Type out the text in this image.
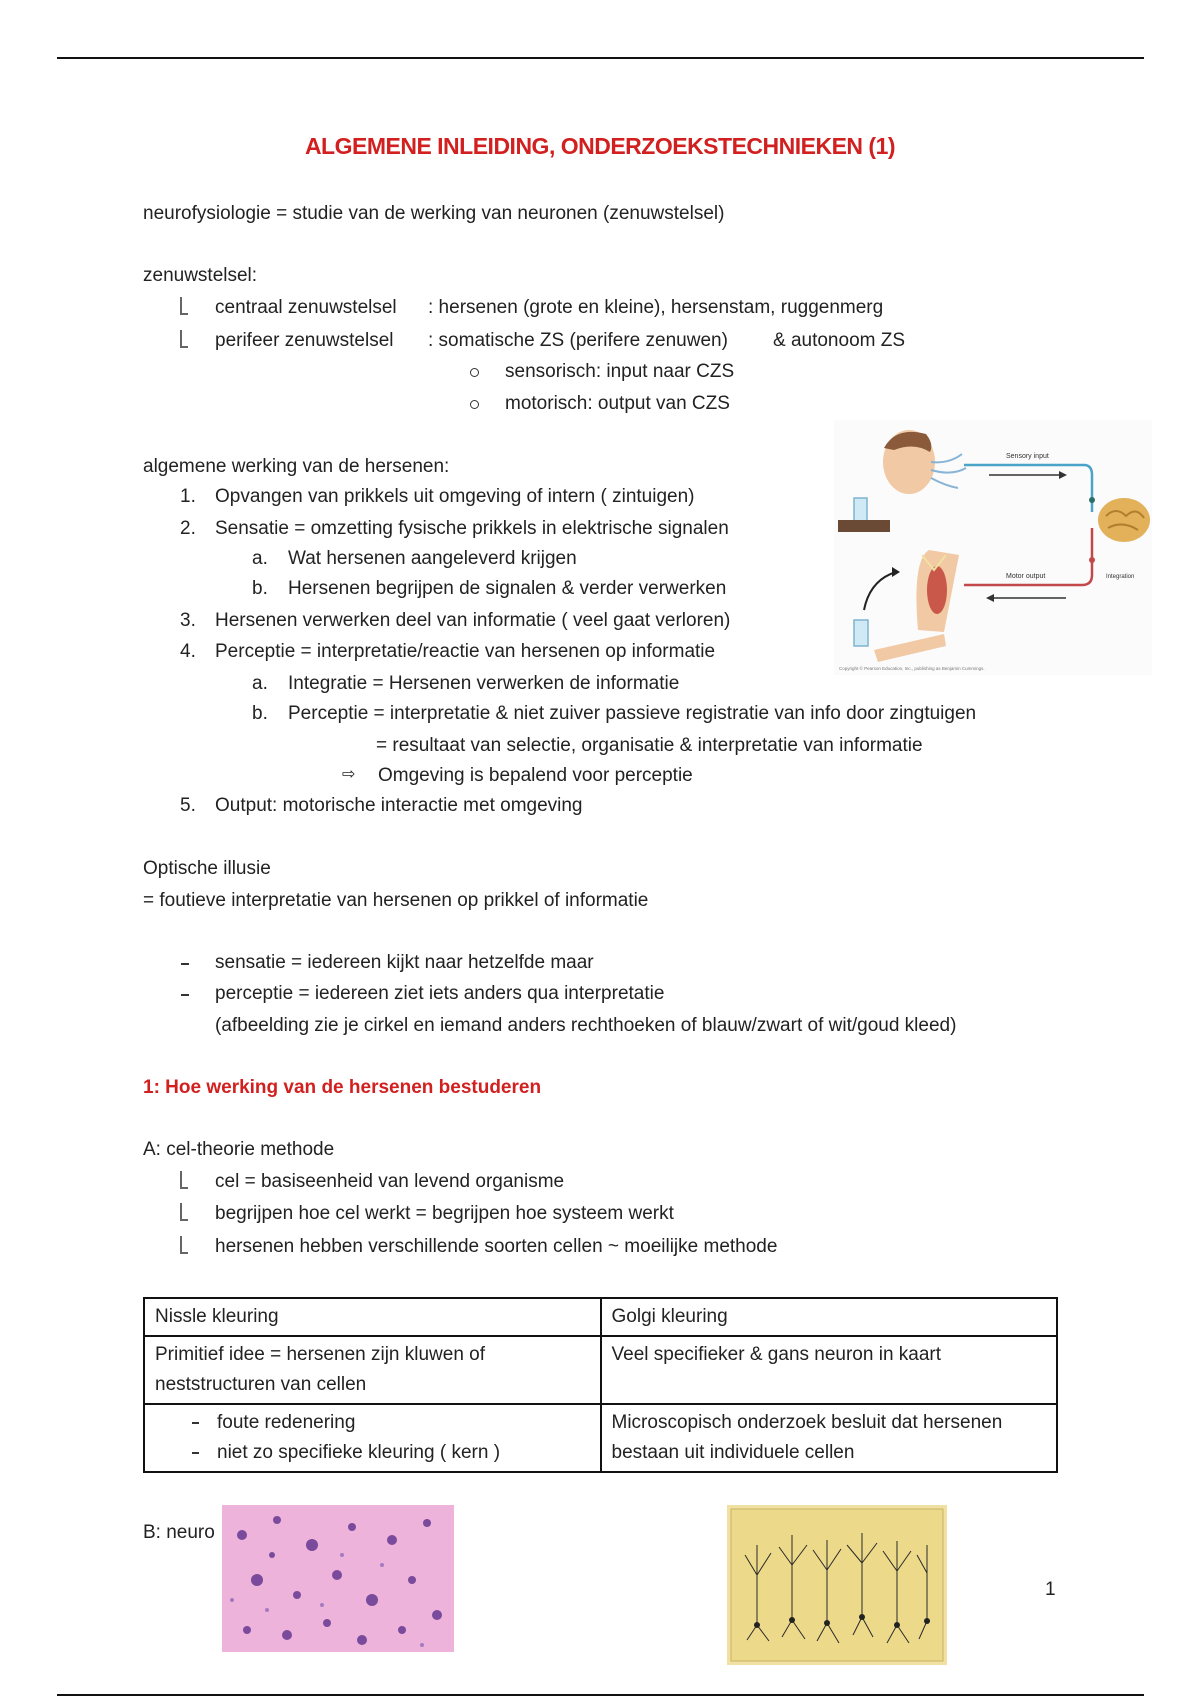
ALGEMENE INLEIDING, ONDERZOEKSTECHNIEKEN (1)
neurofysiologie = studie van de werking van neuronen (zenuwstelsel)
zenuwstelsel:
centraal zenuwstelsel : hersenen (grote en kleine), hersenstam, ruggenmerg
perifeer zenuwstelsel : somatische ZS (perifere zenuwen) & autonoom ZS
sensorisch: input naar CZS
motorisch: output van CZS
algemene werking van de hersenen:
1. Opvangen van prikkels uit omgeving of intern ( zintuigen)
2. Sensatie = omzetting fysische prikkels in elektrische signalen
a. Wat hersenen aangeleverd krijgen
b. Hersenen begrijpen de signalen & verder verwerken
3. Hersenen verwerken deel van informatie ( veel gaat verloren)
4. Perceptie = interpretatie/reactie van hersenen op informatie
a. Integratie = Hersenen verwerken de informatie
b. Perceptie = interpretatie & niet zuiver passieve registratie van info door zingtuigen
= resultaat van selectie, organisatie & interpretatie van informatie
⇨ Omgeving is bepalend voor perceptie
5. Output: motorische interactie met omgeving
Sensory input
Integration
Motor output
Copyright © Pearson Education, Inc., publishing as Benjamin Cummings.
Optische illusie
= foutieve interpretatie van hersenen op prikkel of informatie
sensatie = iedereen kijkt naar hetzelfde maar
perceptie = iedereen ziet iets anders qua interpretatie
(afbeelding zie je cirkel en iemand anders rechthoeken of blauw/zwart of wit/goud kleed)
1: Hoe werking van de hersenen bestuderen
A: cel-theorie methode
cel = basiseenheid van levend organisme
begrijpen hoe cel werkt = begrijpen hoe systeem werkt
hersenen hebben verschillende soorten cellen ~ moeilijke methode
Nissle kleuring	Golgi kleuring
Primitief idee = hersenen zijn kluwen of neststructuren van cellen	Veel specifieker & gans neuron in kaart

foute redenering
niet zo specifieke kleuring ( kern )	Microscopisch onderzoek besluit dat hersenen bestaan uit individuele cellen
B: neuro
1
